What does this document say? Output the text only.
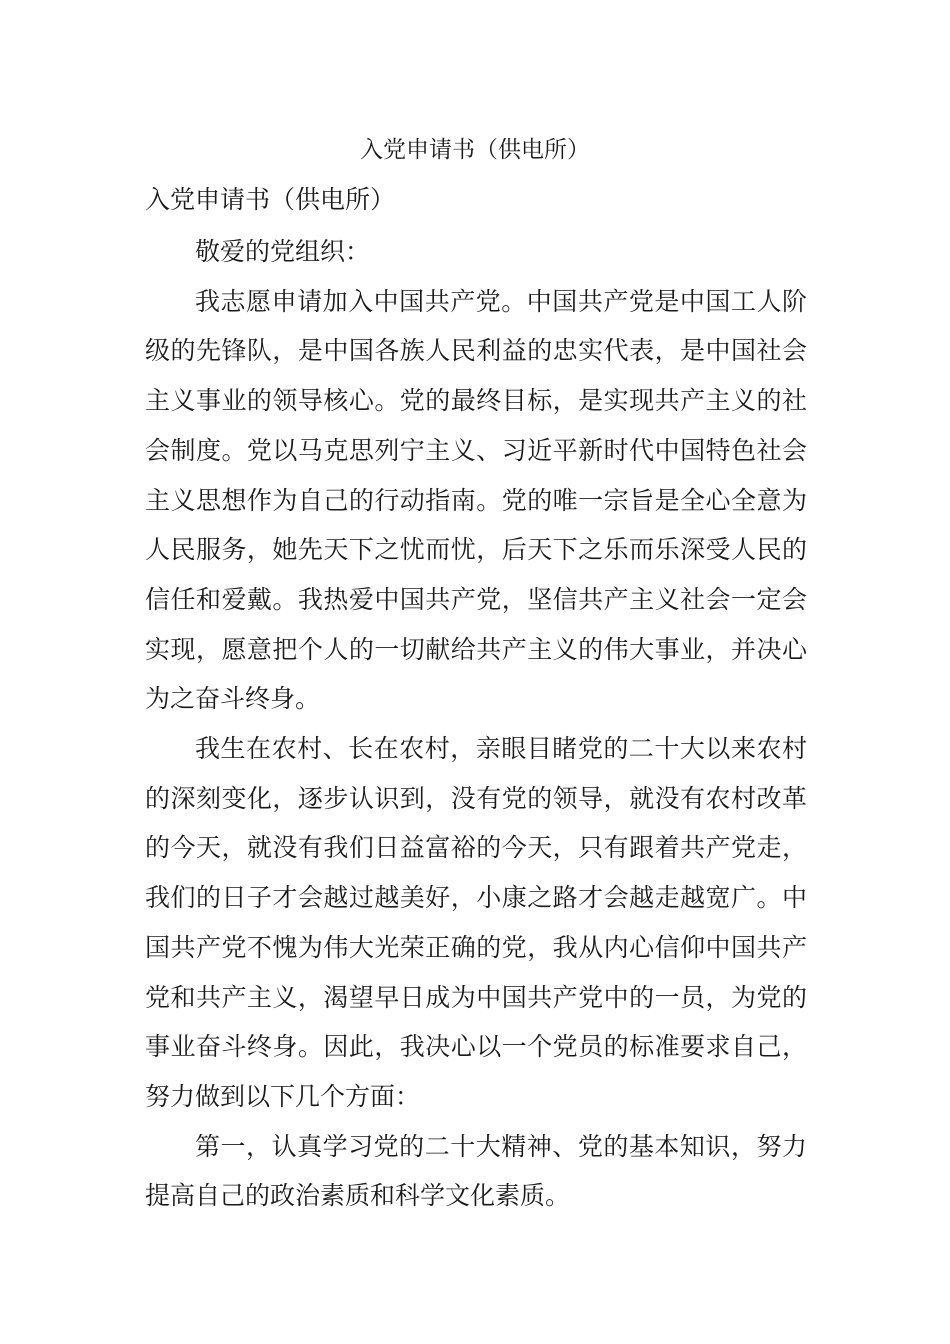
入党申请书（供电所）
入党申请书（供电所）

敬爱的党组织：

我志愿申请加入中国共产党。中国共产党是中国工人阶级的先锋队，是中国各族人民利益的忠实代表，是中国社会主义事业的领导核心。党的最终目标，是实现共产主义的社会制度。党以马克思列宁主义、习近平新时代中国特色社会主义思想作为自己的行动指南。党的唯一宗旨是全心全意为人民服务，她先天下之忧而忧，后天下之乐而乐深受人民的信任和爱戴。我热爱中国共产党，坚信共产主义社会一定会实现，愿意把个人的一切献给共产主义的伟大事业，并决心为之奋斗终身。

我生在农村、长在农村，亲眼目睹党的二十大以来农村的深刻变化，逐步认识到，没有党的领导，就没有农村改革的今天，就没有我们日益富裕的今天，只有跟着共产党走，我们的日子才会越过越美好，小康之路才会越走越宽广。中国共产党不愧为伟大光荣正确的党，我从内心信仰中国共产党和共产主义，渴望早日成为中国共产党中的一员，为党的事业奋斗终身。因此，我决心以一个党员的标准要求自己，努力做到以下几个方面：

第一，认真学习党的二十大精神、党的基本知识，努力提高自己的政治素质和科学文化素质。
